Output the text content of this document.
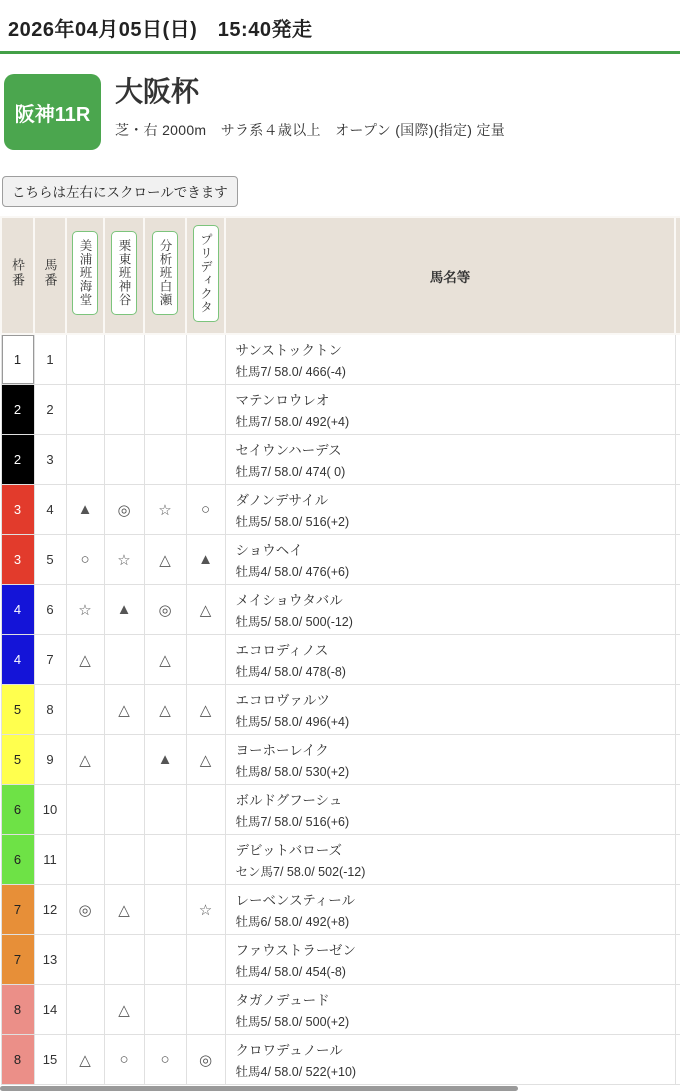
2026年04月05日(日)　15:40発走
阪神11R
大阪杯
芝・右 2000m　サラ系４歳以上　オープン (国際)(指定) 定量
こちらは左右にスクロールできます
枠番	馬番	美浦班海堂	栗東班神谷	分析班白瀬	プリディクタ	馬名等	
1	1					サンストックトン
牡馬7/ 58.0/ 466(-4)	

2	2					マテンロウレオ
牡馬7/ 58.0/ 492(+4)	

2	3					セイウンハーデス
牡馬7/ 58.0/ 474( 0)	

3	4	▲	◎	☆	○	ダノンデサイル
牡馬5/ 58.0/ 516(+2)	

3	5	○	☆	△	▲	ショウヘイ
牡馬4/ 58.0/ 476(+6)	

4	6	☆	▲	◎	△	メイショウタバル
牡馬5/ 58.0/ 500(-12)	

4	7	△		△		エコロディノス
牡馬4/ 58.0/ 478(-8)	

5	8		△	△	△	エコロヴァルツ
牡馬5/ 58.0/ 496(+4)	

5	9	△		▲	△	ヨーホーレイク
牡馬8/ 58.0/ 530(+2)	

6	10					ボルドグフーシュ
牡馬7/ 58.0/ 516(+6)	

6	11					デビットバローズ
セン馬7/ 58.0/ 502(-12)	

7	12	◎	△		☆	レーベンスティール
牡馬6/ 58.0/ 492(+8)	

7	13					ファウストラーゼン
牡馬4/ 58.0/ 454(-8)	

8	14		△			タガノデュード
牡馬5/ 58.0/ 500(+2)	

8	15	△	○	○	◎	クロワデュノール
牡馬4/ 58.0/ 522(+10)	
